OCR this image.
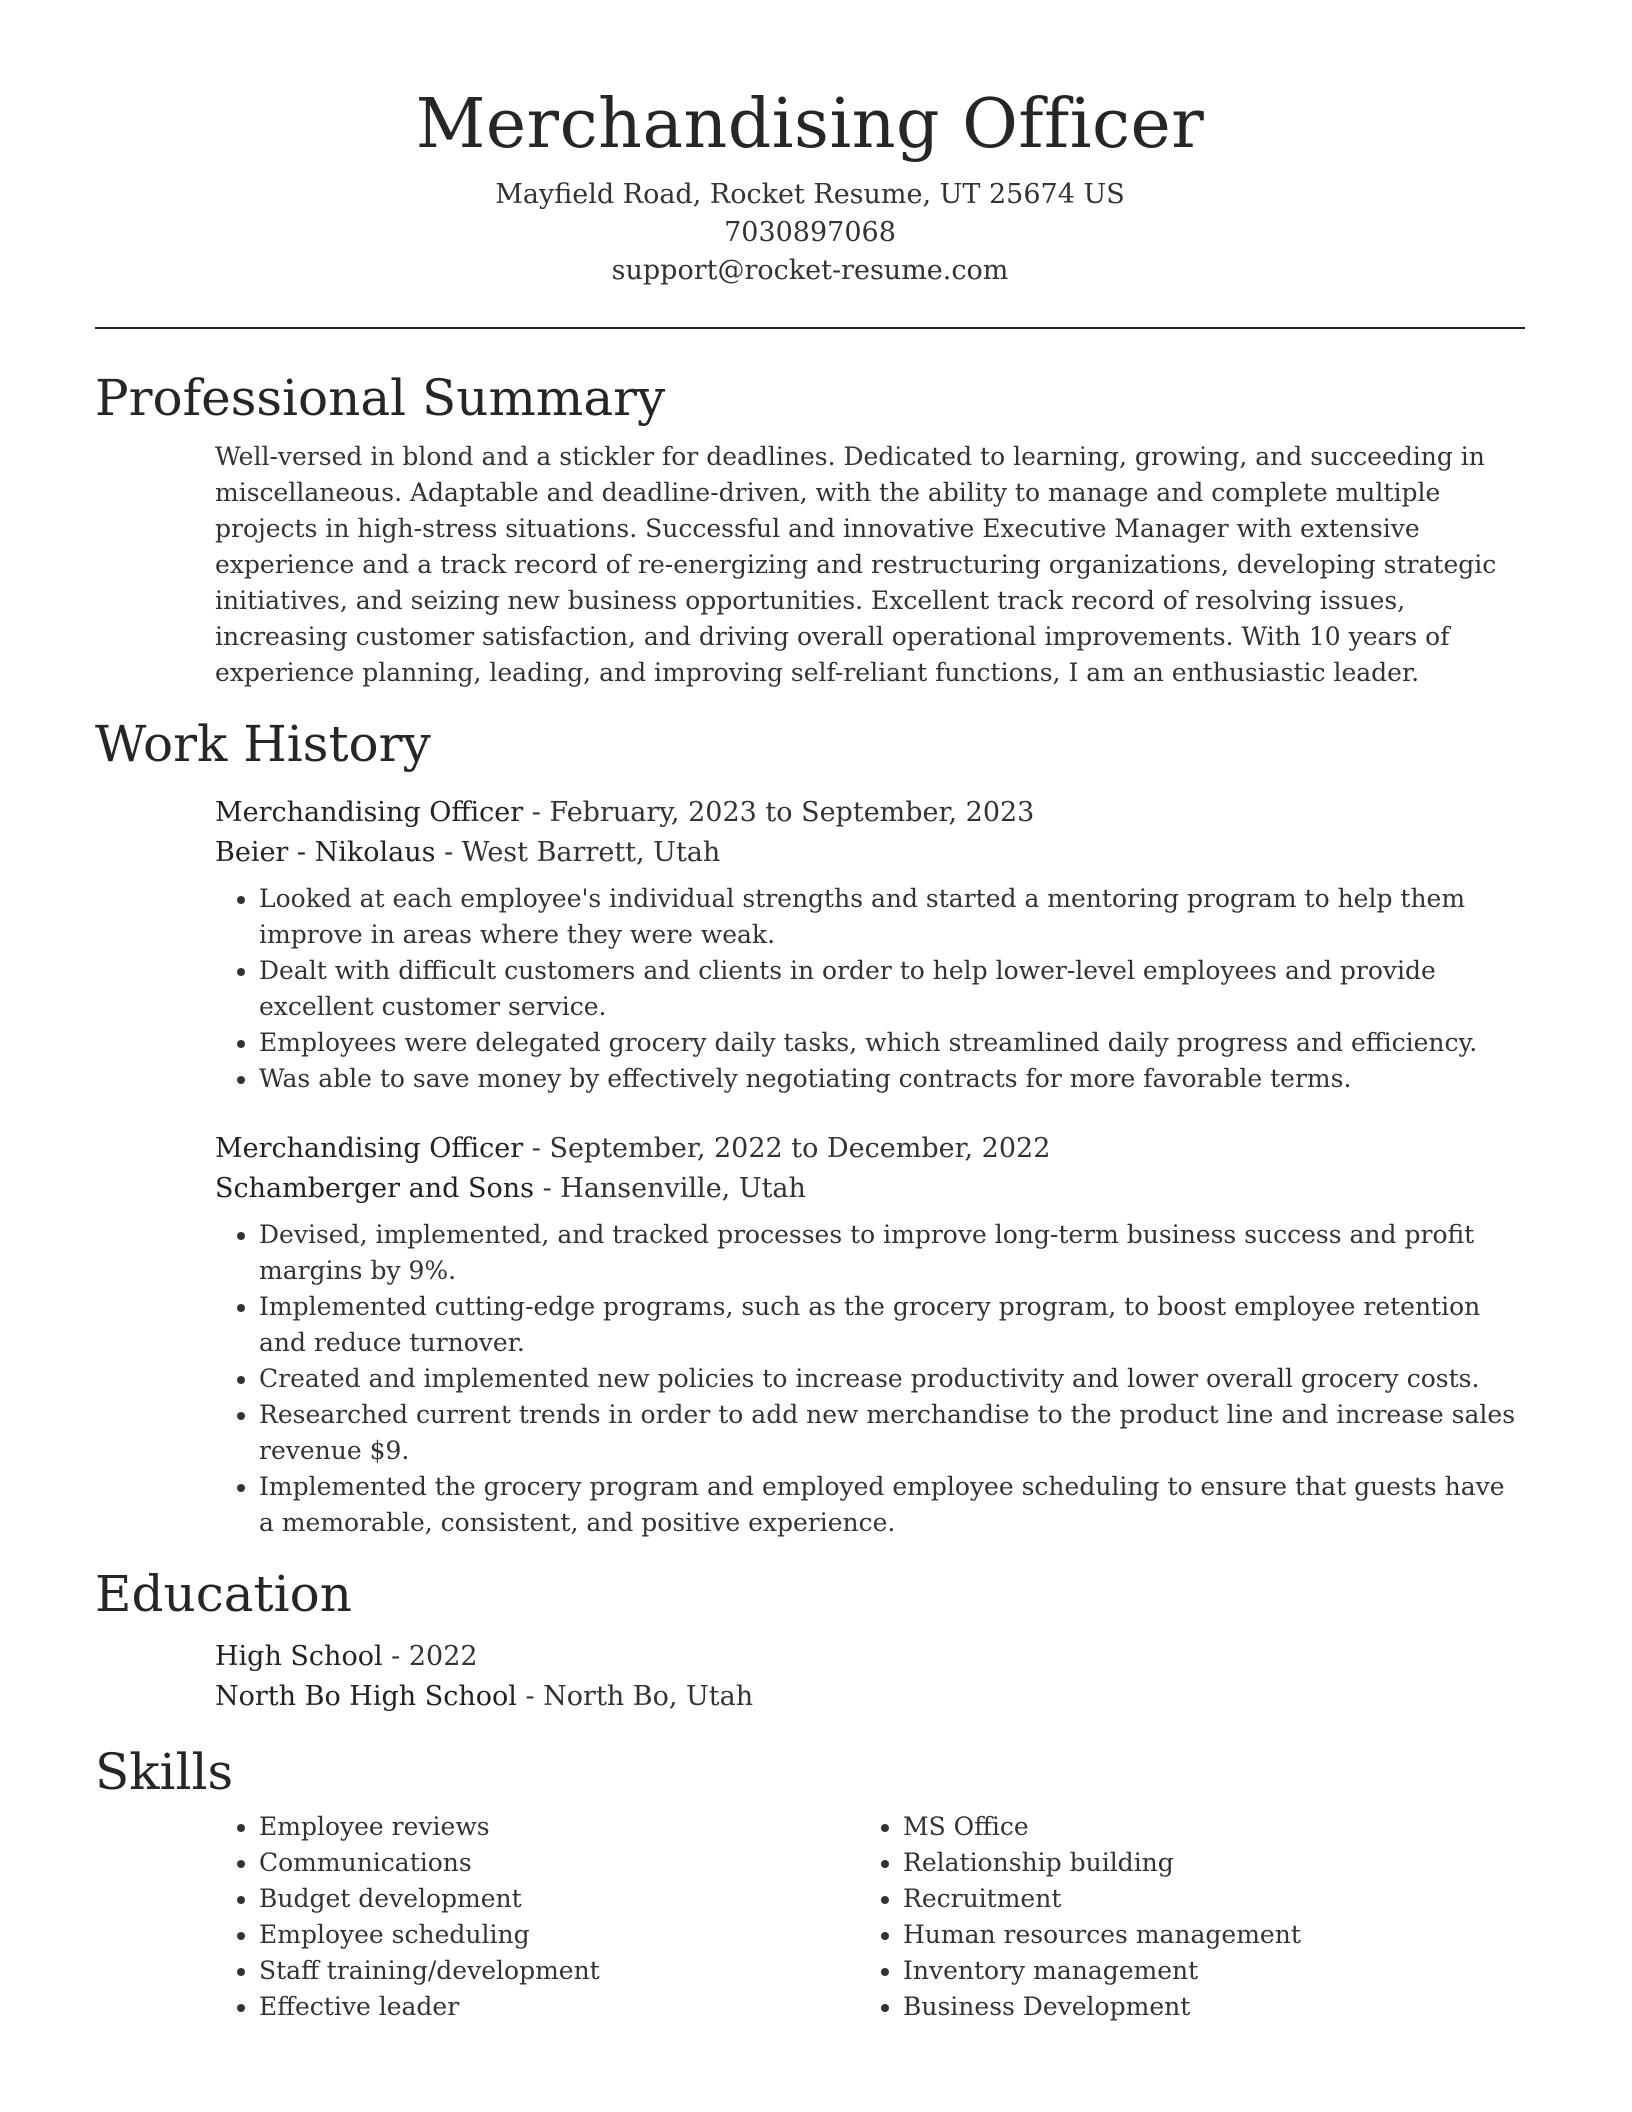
Merchandising Officer
Mayfield Road, Rocket Resume, UT 25674 US
7030897068
support@rocket-resume.com
Professional Summary

Well-versed in blond and a stickler for deadlines. Dedicated to learning, growing, and succeeding in miscellaneous. Adaptable and deadline-driven, with the ability to manage and complete multiple projects in high-stress situations. Successful and innovative Executive Manager with extensive experience and a track record of re-energizing and restructuring organizations, developing strategic initiatives, and seizing new business opportunities. Excellent track record of resolving issues, increasing customer satisfaction, and driving overall operational improvements. With 10 years of experience planning, leading, and improving self-reliant functions, I am an enthusiastic leader.

Work History
Merchandising Officer - February, 2023 to September, 2023
Beier - Nikolaus - West Barrett, Utah
• Looked at each employee's individual strengths and started a mentoring program to help them improve in areas where they were weak.
• Dealt with difficult customers and clients in order to help lower-level employees and provide excellent customer service.
• Employees were delegated grocery daily tasks, which streamlined daily progress and efficiency.
• Was able to save money by effectively negotiating contracts for more favorable terms.
Merchandising Officer - September, 2022 to December, 2022
Schamberger and Sons - Hansenville, Utah
• Devised, implemented, and tracked processes to improve long-term business success and profit margins by 9%.
• Implemented cutting-edge programs, such as the grocery program, to boost employee retention and reduce turnover.
• Created and implemented new policies to increase productivity and lower overall grocery costs.
• Researched current trends in order to add new merchandise to the product line and increase sales revenue $9.
• Implemented the grocery program and employed employee scheduling to ensure that guests have a memorable, consistent, and positive experience.
Education
High School - 2022
North Bo High School - North Bo, Utah
Skills
• Employee reviews
• Communications
• Budget development
• Employee scheduling
• Staff training/development
• Effective leader
• MS Office
• Relationship building
• Recruitment
• Human resources management
• Inventory management
• Business Development
